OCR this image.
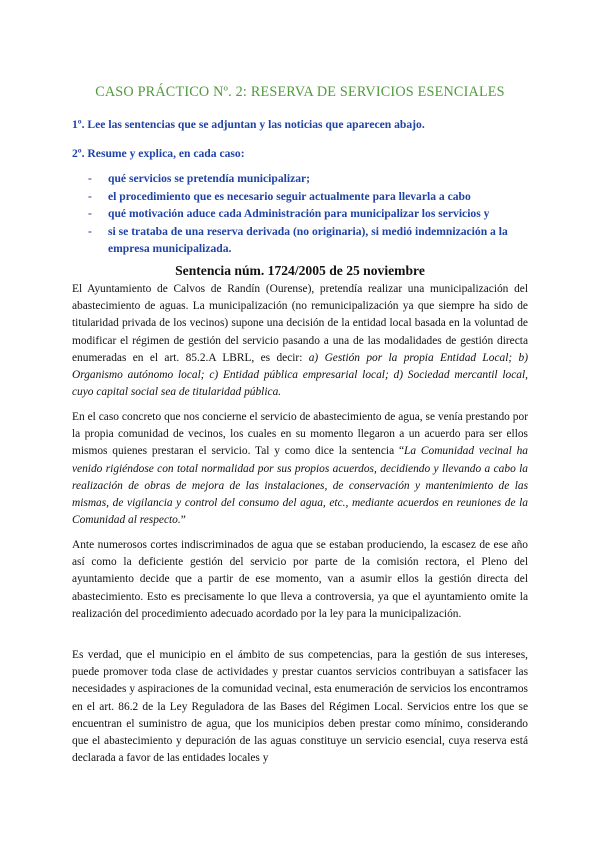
CASO PRÁCTICO Nº. 2: RESERVA DE SERVICIOS ESENCIALES
1º. Lee las sentencias que se adjuntan y las noticias que aparecen abajo.
2º. Resume y explica, en cada caso:
- qué servicios se pretendía municipalizar;
- el procedimiento que es necesario seguir actualmente para llevarla a cabo
- qué motivación aduce cada Administración para municipalizar los servicios y
- si se trataba de una reserva derivada (no originaria), si medió indemnización a la empresa municipalizada.
Sentencia núm. 1724/2005 de 25 noviembre

El Ayuntamiento de Calvos de Randín (Ourense), pretendía realizar una municipalización del abastecimiento de aguas. La municipalización (no remunicipalización ya que siempre ha sido de titularidad privada de los vecinos) supone una decisión de la entidad local basada en la voluntad de modificar el régimen de gestión del servicio pasando a una de las modalidades de gestión directa enumeradas en el art. 85.2.A LBRL, es decir: a) Gestión por la propia Entidad Local; b) Organismo autónomo local; c) Entidad pública empresarial local; d) Sociedad mercantil local, cuyo capital social sea de titularidad pública.

En el caso concreto que nos concierne el servicio de abastecimiento de agua, se venía prestando por la propia comunidad de vecinos, los cuales en su momento llegaron a un acuerdo para ser ellos mismos quienes prestaran el servicio. Tal y como dice la sentencia “La Comunidad vecinal ha venido rigiéndose con total normalidad por sus propios acuerdos, decidiendo y llevando a cabo la realización de obras de mejora de las instalaciones, de conservación y mantenimiento de las mismas, de vigilancia y control del consumo del agua, etc., mediante acuerdos en reuniones de la Comunidad al respecto.”

Ante numerosos cortes indiscriminados de agua que se estaban produciendo, la escasez de ese año así como la deficiente gestión del servicio por parte de la comisión rectora, el Pleno del ayuntamiento decide que a partir de ese momento, van a asumir ellos la gestión directa del abastecimiento. Esto es precisamente lo que lleva a controversia, ya que el ayuntamiento omite la realización del procedimiento adecuado acordado por la ley para la municipalización.

Es verdad, que el municipio en el ámbito de sus competencias, para la gestión de sus intereses, puede promover toda clase de actividades y prestar cuantos servicios contribuyan a satisfacer las necesidades y aspiraciones de la comunidad vecinal, esta enumeración de servicios los encontramos en el art. 86.2 de la Ley Reguladora de las Bases del Régimen Local. Servicios entre los que se encuentran el suministro de agua, que los municipios deben prestar como mínimo, considerando que el abastecimiento y depuración de las aguas constituye un servicio esencial, cuya reserva está declarada a favor de las entidades locales y
